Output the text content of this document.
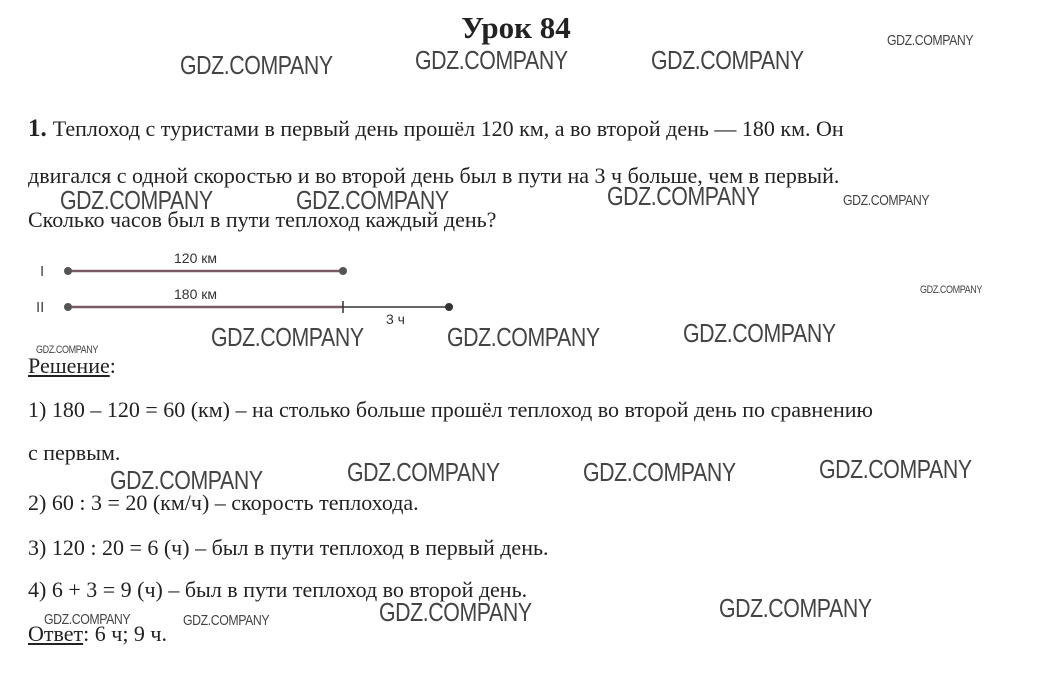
Урок 84
1. Теплоход с туристами в первый день прошёл 120 км, а во второй день — 180 км. Он
двигался с одной скоростью и во второй день был в пути на 3 ч больше, чем в первый.
Сколько часов был в пути теплоход каждый день?
I
120 км
II
180 км
3 ч
Решение:
1) 180 – 120 = 60 (км) – на столько больше прошёл теплоход во второй день по сравнению
с первым.
2) 60 : 3 = 20 (км/ч) – скорость теплохода.
3) 120 : 20 = 6 (ч) – был в пути теплоход в первый день.
4) 6 + 3 = 9 (ч) – был в пути теплоход во второй день.
Ответ: 6 ч; 9 ч.
GDZ.COMPANY	GDZ.COMPANY	GDZ.COMPANY
GDZ.COMPANY
GDZ.COMPANY	GDZ.COMPANY	GDZ.COMPANY	GDZ.COMPANY
GDZ.COMPANY
GDZ.COMPANY	GDZ.COMPANY	GDZ.COMPANY
GDZ.COMPANY
GDZ.COMPANY	GDZ.COMPANY	GDZ.COMPANY	GDZ.COMPANY
GDZ.COMPANY	GDZ.COMPANY	GDZ.COMPANY	GDZ.COMPANY
